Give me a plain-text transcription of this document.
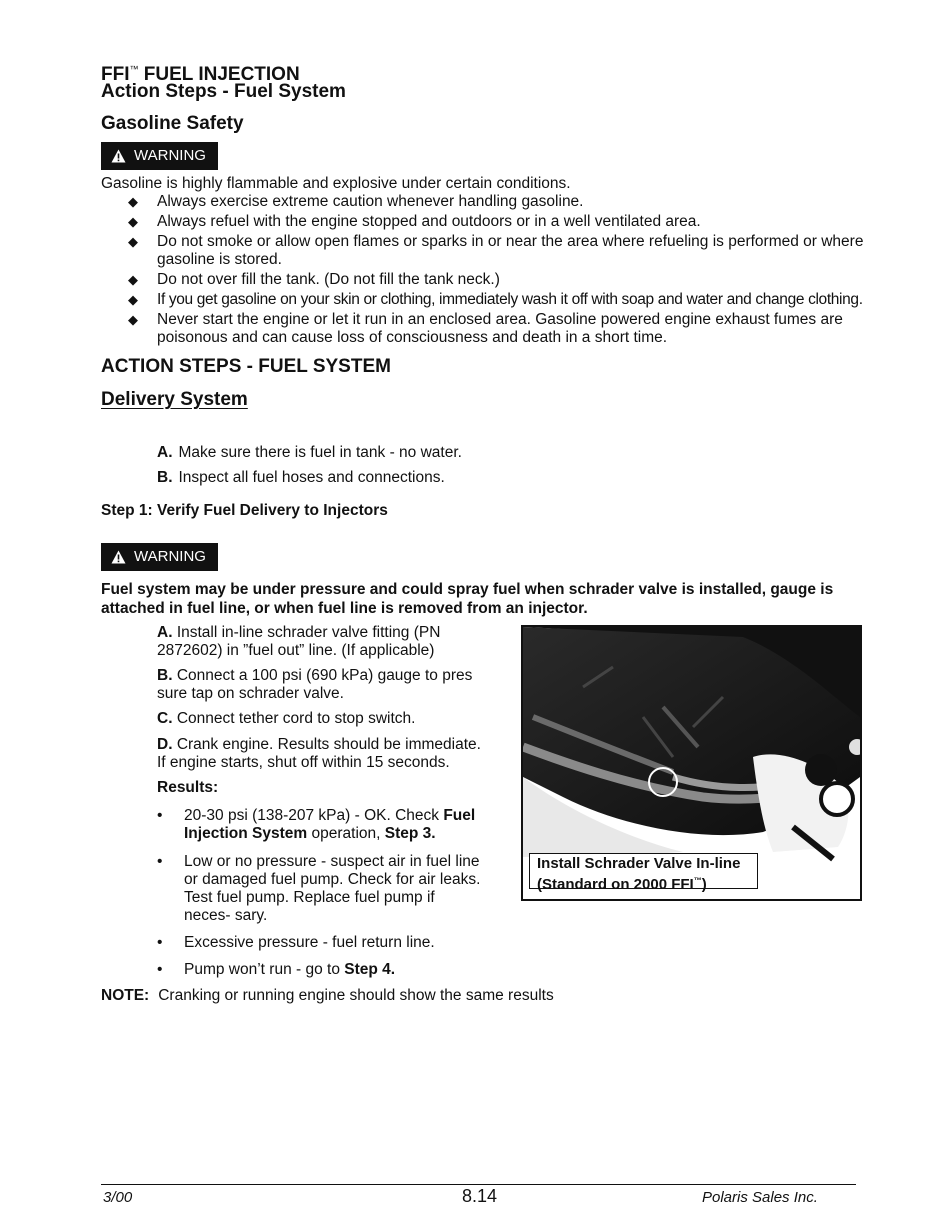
FFI™ FUEL INJECTION
Action Steps - Fuel System
Gasoline Safety
WARNING
Gasoline is highly flammable and explosive under certain conditions.
◆ Always exercise extreme caution whenever handling gasoline.
◆ Always refuel with the engine stopped and outdoors or in a well ventilated area.
◆ Do not smoke or allow open flames or sparks in or near the area where refueling is performed or where gasoline is stored.
◆ Do not over fill the tank. (Do not fill the tank neck.)
◆ If you get gasoline on your skin or clothing, immediately wash it off with soap and water and change clothing.
◆ Never start the engine or let it run in an enclosed area. Gasoline powered engine exhaust fumes are poisonous and can cause loss of consciousness and death in a short time.
ACTION STEPS - FUEL SYSTEM
Delivery System
A. Make sure there is fuel in tank - no water.
B. Inspect all fuel hoses and connections.
Step 1: Verify Fuel Delivery to Injectors
WARNING
Fuel system may be under pressure and could spray fuel when schrader valve is installed, gauge is attached in fuel line, or when fuel line is removed from an injector.
A. Install in-line schrader valve fitting (PN 2872602) in ”fuel out” line. (If applicable)
B. Connect a 100 psi (690 kPa) gauge to pres sure tap on schrader valve.
C. Connect tether cord to stop switch.
D. Crank engine. Results should be immediate. If engine starts, shut off within 15 seconds.
Results:
• 20-30 psi (138-207 kPa) - OK. Check Fuel Injection System operation, Step 3.
• Low or no pressure - suspect air in fuel line or damaged fuel pump. Check for air leaks. Test fuel pump. Replace fuel pump if neces- sary.
• Excessive pressure - fuel return line.
• Pump won’t run - go to Step 4.
NOTE: Cranking or running engine should show the same results
Install Schrader Valve In-line
(Standard on 2000 FFI™)
3/00	8.14	Polaris Sales Inc.
